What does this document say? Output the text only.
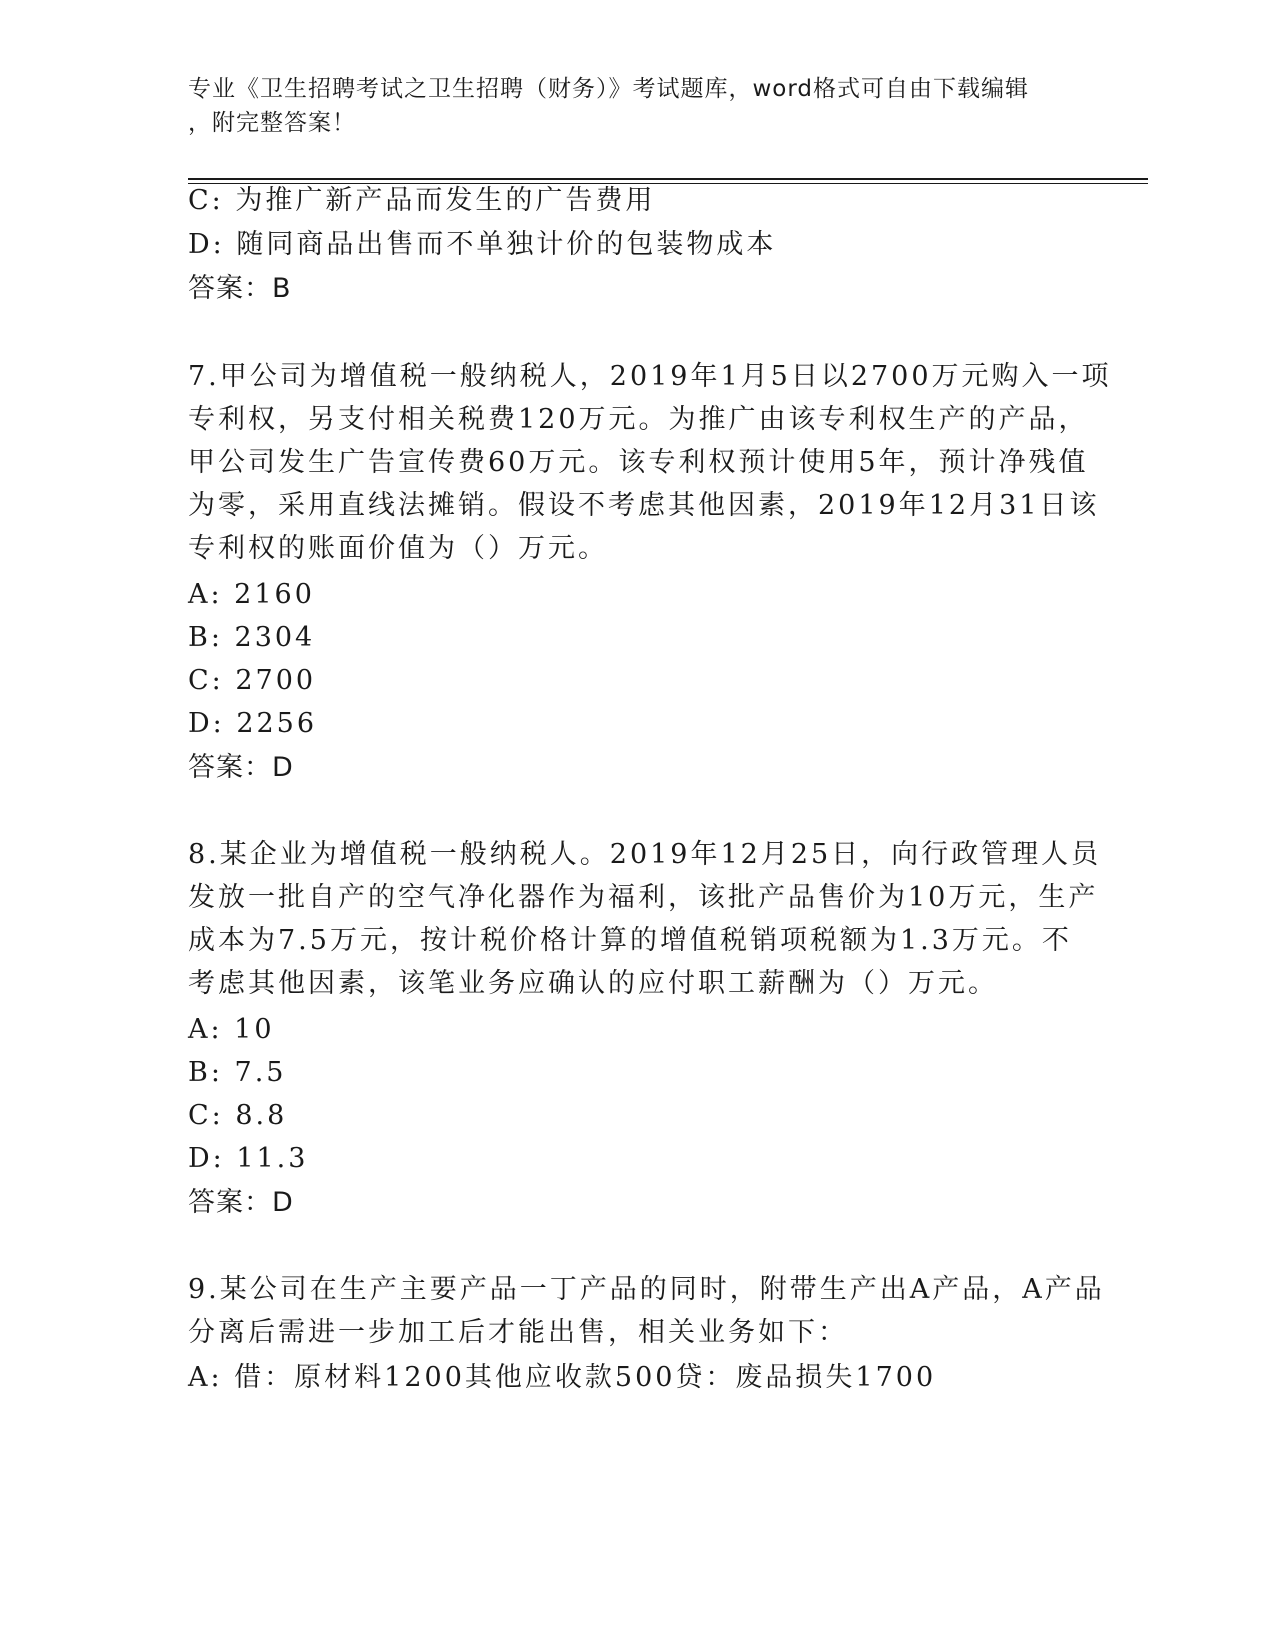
专业《卫生招聘考试之卫生招聘（财务）》考试题库，word格式可自由下载编辑
，附完整答案！
C: 为推广新产品而发生的广告费用
D: 随同商品出售而不单独计价的包装物成本
答案：B
7.甲公司为增值税一般纳税人，2019年1月5日以2700万元购入一项
专利权，另支付相关税费120万元。为推广由该专利权生产的产品，
甲公司发生广告宣传费60万元。该专利权预计使用5年，预计净残值
为零，采用直线法摊销。假设不考虑其他因素，2019年12月31日该
专利权的账面价值为（）万元。
A: 2160
B: 2304
C: 2700
D: 2256
答案：D
8.某企业为增值税一般纳税人。2019年12月25日，向行政管理人员
发放一批自产的空气净化器作为福利，该批产品售价为10万元，生产
成本为7.5万元，按计税价格计算的增值税销项税额为1.3万元。不
考虑其他因素，该笔业务应确认的应付职工薪酬为（）万元。
A: 10
B: 7.5
C: 8.8
D: 11.3
答案：D
9.某公司在生产主要产品一丁产品的同时，附带生产出A产品，A产品
分离后需进一步加工后才能出售，相关业务如下：
A: 借：原材料1200其他应收款500贷：废品损失1700
